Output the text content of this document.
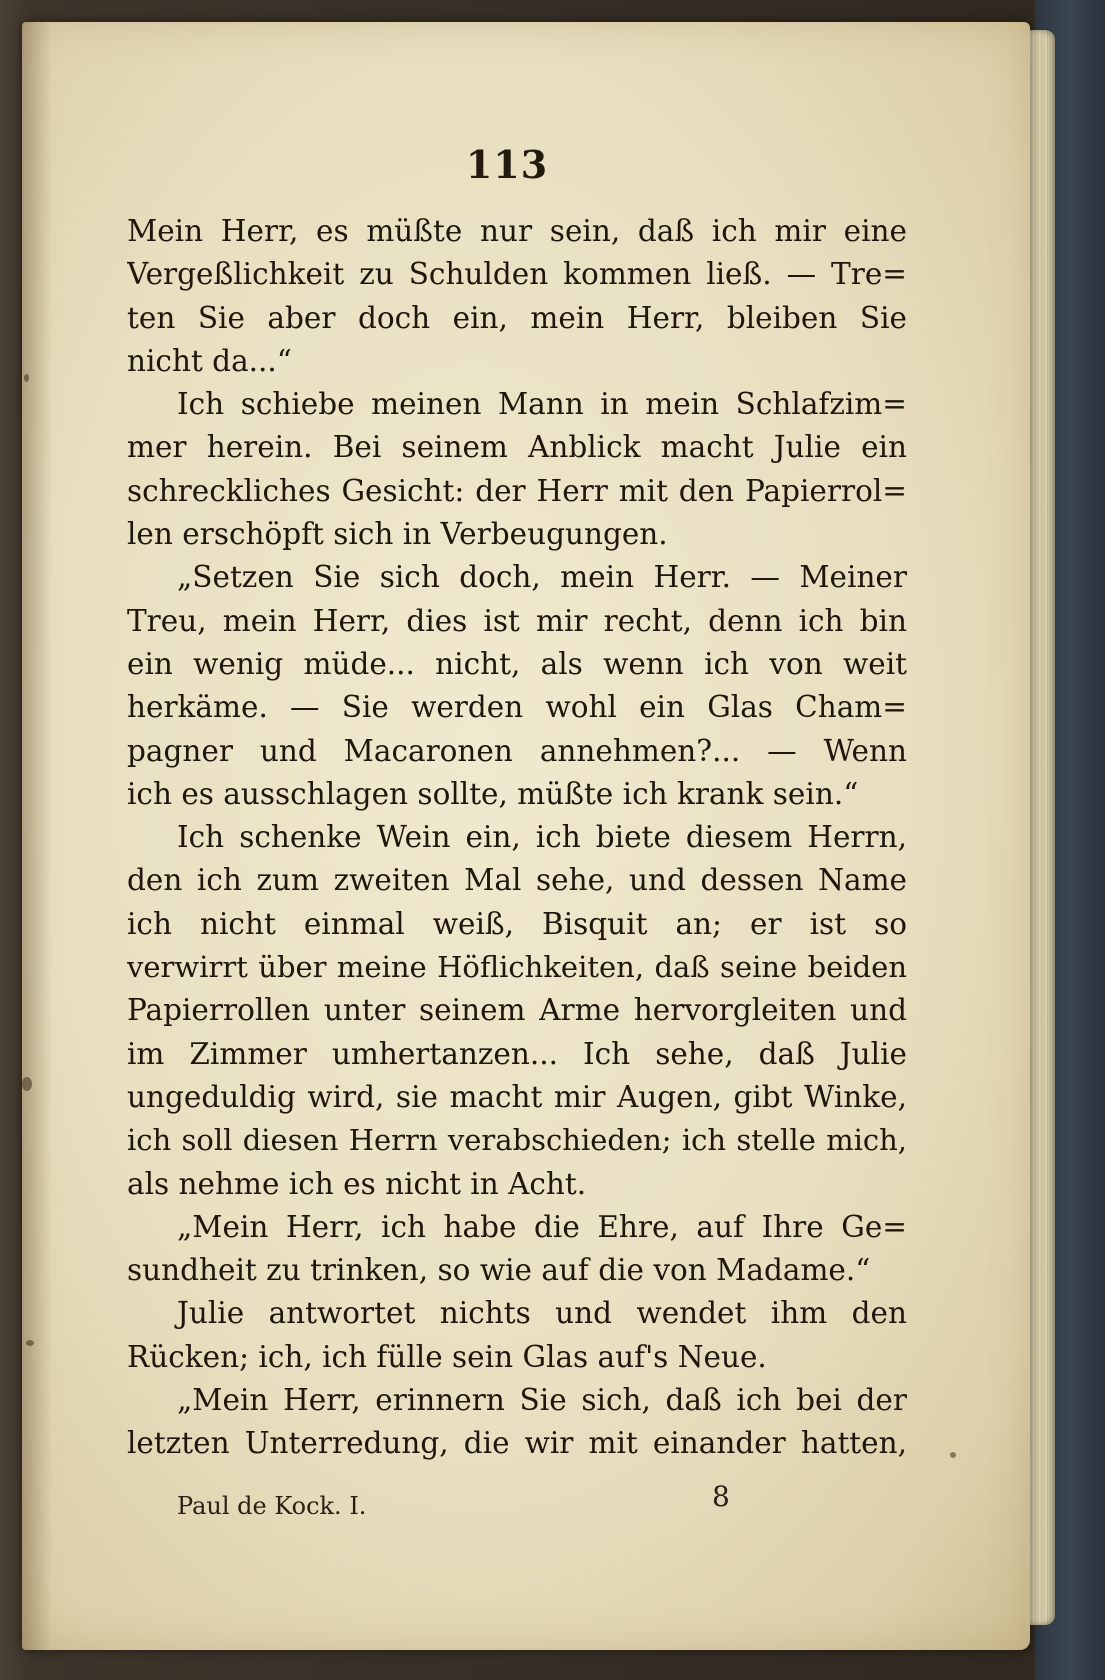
113
Mein Herr, es müßte nur sein, daß ich mir eine
Vergeßlichkeit zu Schulden kommen ließ. — Tre=
ten Sie aber doch ein, mein Herr, bleiben Sie
nicht da...“
Ich schiebe meinen Mann in mein Schlafzim=
mer herein. Bei seinem Anblick macht Julie ein
schreckliches Gesicht: der Herr mit den Papierrol=
len erschöpft sich in Verbeugungen.
„Setzen Sie sich doch, mein Herr. — Meiner
Treu, mein Herr, dies ist mir recht, denn ich bin
ein wenig müde... nicht, als wenn ich von weit
herkäme. — Sie werden wohl ein Glas Cham=
pagner und Macaronen annehmen?... — Wenn
ich es ausschlagen sollte, müßte ich krank sein.“
Ich schenke Wein ein, ich biete diesem Herrn,
den ich zum zweiten Mal sehe, und dessen Name
ich nicht einmal weiß, Bisquit an; er ist so
verwirrt über meine Höflichkeiten, daß seine beiden
Papierrollen unter seinem Arme hervorgleiten und
im Zimmer umhertanzen... Ich sehe, daß Julie
ungeduldig wird, sie macht mir Augen, gibt Winke,
ich soll diesen Herrn verabschieden; ich stelle mich,
als nehme ich es nicht in Acht.
„Mein Herr, ich habe die Ehre, auf Ihre Ge=
sundheit zu trinken, so wie auf die von Madame.“
Julie antwortet nichts und wendet ihm den
Rücken; ich, ich fülle sein Glas auf's Neue.
„Mein Herr, erinnern Sie sich, daß ich bei der
letzten Unterredung, die wir mit einander hatten,
Paul de Kock. I.	8
